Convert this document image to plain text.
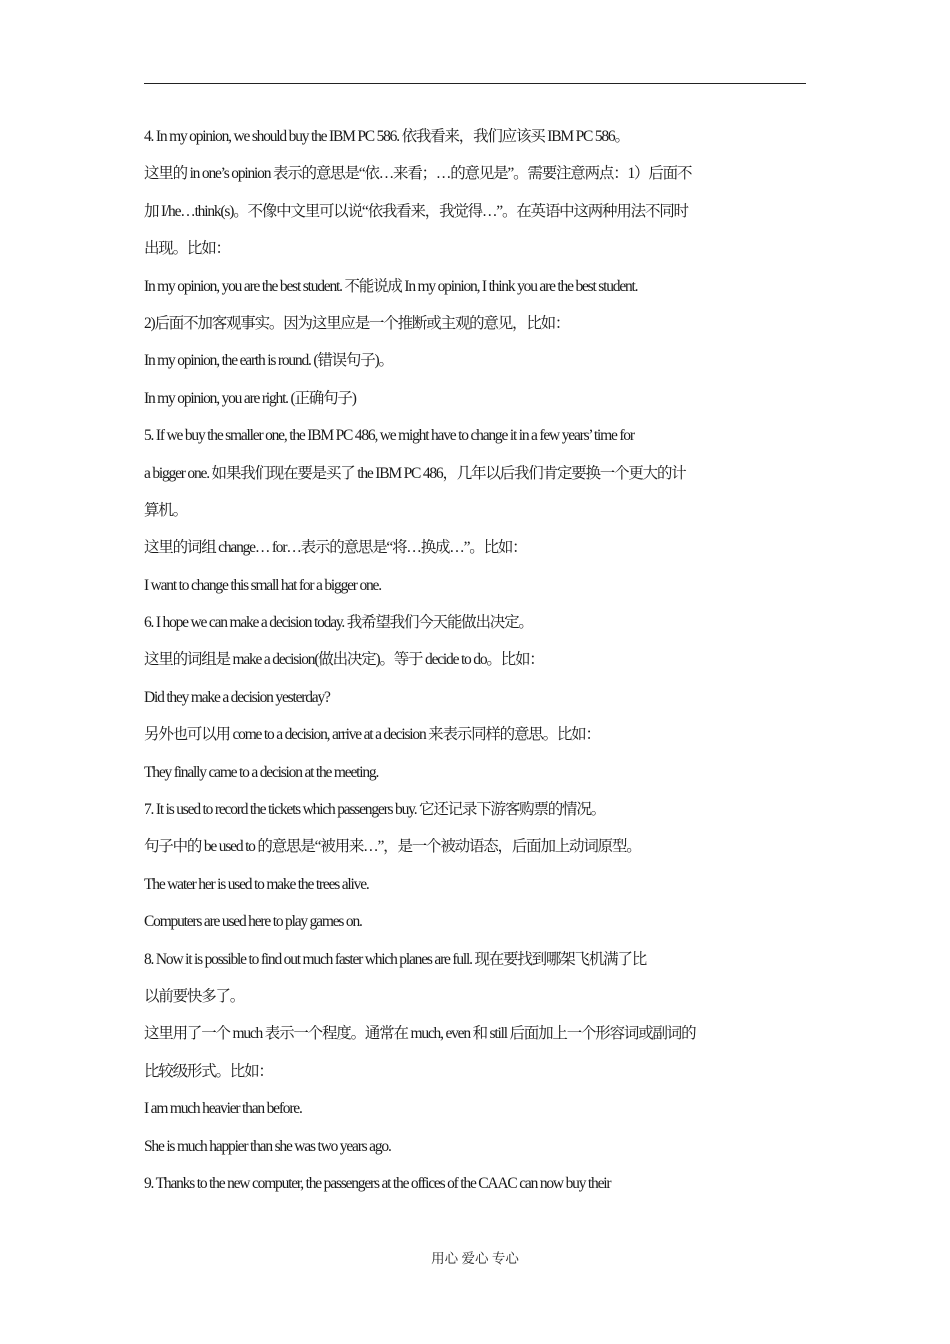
4. In my opinion, we should buy the IBM PC 586. 依我看来，我们应该买 IBM PC 586。
这里的 in one’s opinion 表示的意思是“依…来看；…的意见是”。需要注意两点：1）后面不
加 I/he…think(s)。不像中文里可以说“依我看来，我觉得…”。在英语中这两种用法不同时
出现。比如：
In my opinion, you are the best student. 不能说成 In my opinion, I think you are the best student.
2)后面不加客观事实。因为这里应是一个推断或主观的意见，比如：
In my opinion, the earth is round. (错误句子)。
In my opinion, you are right. (正确句子)
5. If we buy the smaller one, the IBM PC 486, we might have to change it in a few years’ time for
a bigger one. 如果我们现在要是买了 the IBM PC 486，几年以后我们肯定要换一个更大的计
算机。
这里的词组 change… for…表示的意思是“将…换成…”。比如：
I want to change this small hat for a bigger one.
6. I hope we can make a decision today. 我希望我们今天能做出决定。
这里的词组是 make a decision(做出决定)。等于 decide to do。比如：
Did they make a decision yesterday?
另外也可以用 come to a decision, arrive at a decision 来表示同样的意思。比如：
They finally came to a decision at the meeting.
7. It is used to record the tickets which passengers buy. 它还记录下游客购票的情况。
句子中的 be used to 的意思是“被用来…”，是一个被动语态，后面加上动词原型。
The water her is used to make the trees alive.
Computers are used here to play games on.
8. Now it is possible to find out much faster which planes are full. 现在要找到哪架飞机满了比
以前要快多了。
这里用了一个 much 表示一个程度。通常在 much, even 和 still 后面加上一个形容词或副词的
比较级形式。比如：
I am much heavier than before.
She is much happier than she was two years ago.
9. Thanks to the new computer, the passengers at the offices of the CAAC can now buy their
用心 爱心 专心
